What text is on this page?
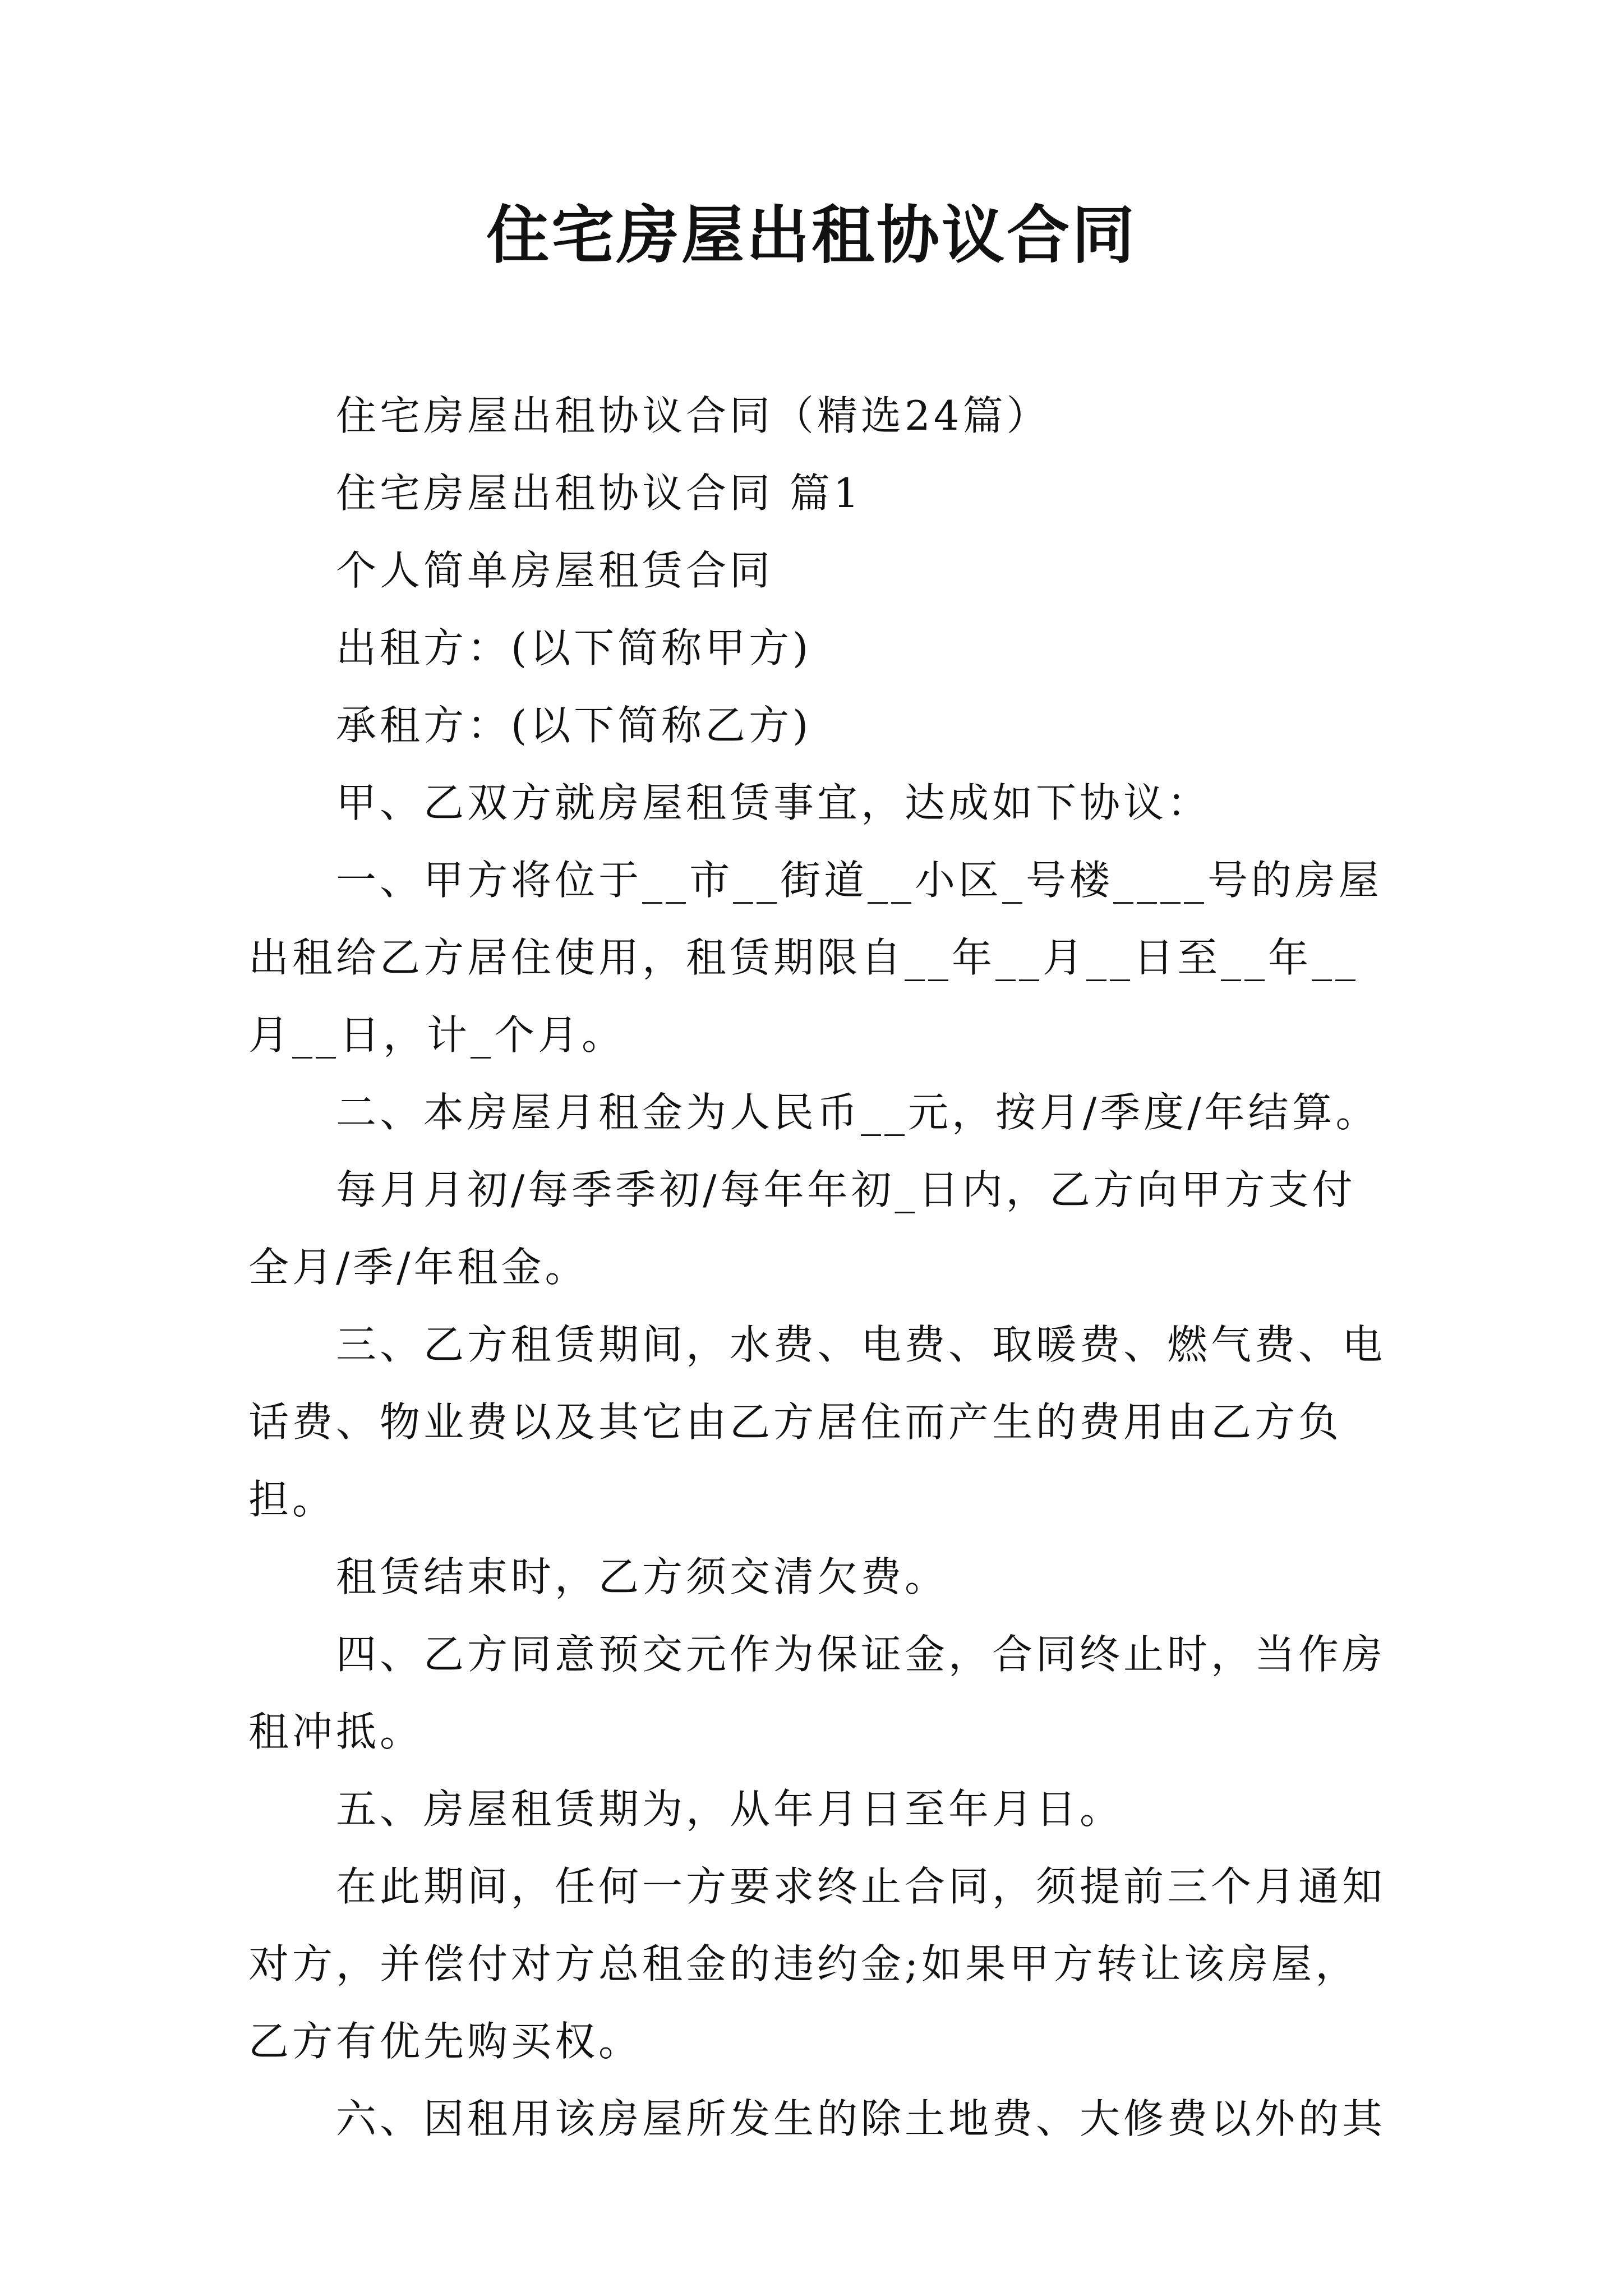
住宅房屋出租协议合同

住宅房屋出租协议合同（精选24篇）

住宅房屋出租协议合同 篇1

个人简单房屋租赁合同

出租方：(以下简称甲方)

承租方：(以下简称乙方)

甲、乙双方就房屋租赁事宜，达成如下协议：

一、甲方将位于__市__街道__小区_号楼____号的房屋出租给乙方居住使用，租赁期限自__年__月__日至__年__月__日，计_个月。

二、本房屋月租金为人民币__元，按月/季度/年结算。

每月月初/每季季初/每年年初_日内，乙方向甲方支付全月/季/年租金。

三、乙方租赁期间，水费、电费、取暖费、燃气费、电话费、物业费以及其它由乙方居住而产生的费用由乙方负担。

租赁结束时，乙方须交清欠费。

四、乙方同意预交元作为保证金，合同终止时，当作房租冲抵。

五、房屋租赁期为，从年月日至年月日。

在此期间，任何一方要求终止合同，须提前三个月通知对方，并偿付对方总租金的违约金;如果甲方转让该房屋，乙方有优先购买权。

六、因租用该房屋所发生的除土地费、大修费以外的其
